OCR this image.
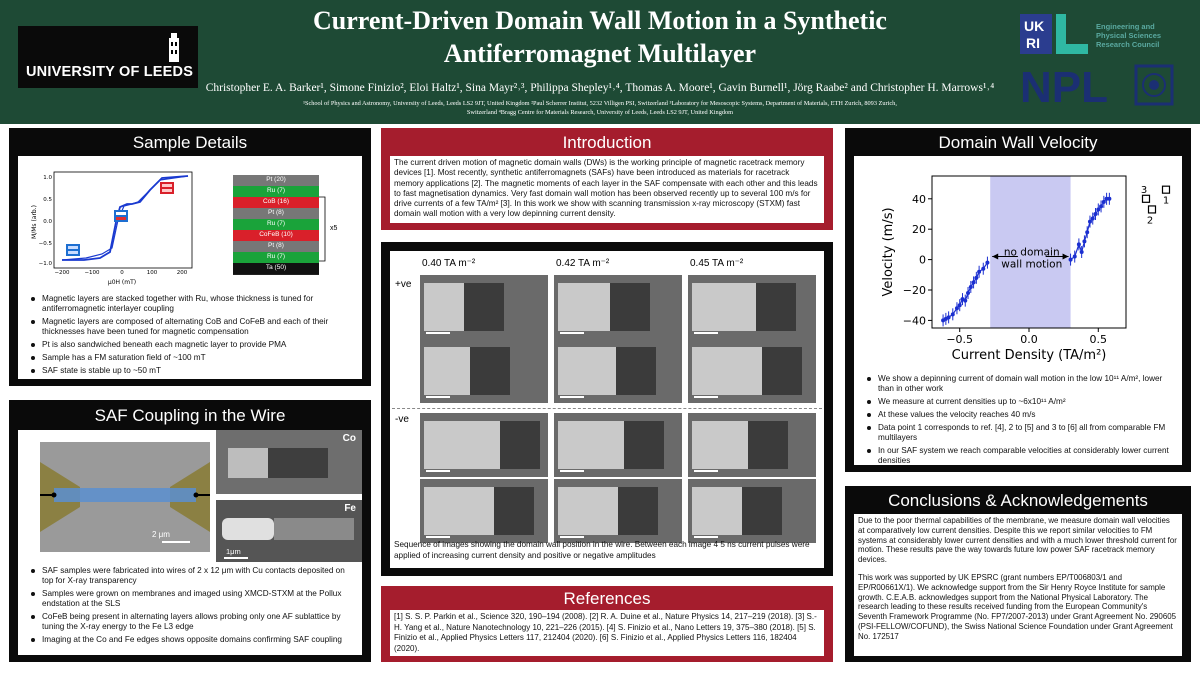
UNIVERSITY OF LEEDS
Current-Driven Domain Wall Motion in a Synthetic
Antiferromagnet Multilayer
Christopher E. A. Barker¹, Simone Finizio², Eloi Haltz¹, Sina Mayr²˒³, Philippa Shepley¹˒⁴, Thomas A. Moore¹, Gavin Burnell¹, Jörg Raabe² and Christopher H. Marrows¹˒⁴
¹School of Physics and Astronomy, University of Leeds, Leeds LS2 9JT, United Kingdom ²Paul Scherrer Institut, 5232 Villigen PSI, Switzerland ³Laboratory for Mesoscopic Systems, Department of Materials, ETH Zurich, 8093 Zurich,
Switzerland ⁴Bragg Centre for Materials Research, University of Leeds, Leeds LS2 9JT, United Kingdom
UK
RI
Engineering and
Physical Sciences
Research Council
NPL
Sample Details
M/Ms (arb.)
μ0H (mT)
−200	−100	0	100	200
1.0
0.5
0.0
−0.5
−1.0
Pt (20)
Ru (7)
CoB (16)
Pt (8)
Ru (7)
CoFeB (10)
Pt (8)
Ru (7)
Ta (50)
x5
Magnetic layers are stacked together with Ru, whose thickness is tuned for antiferromagnetic interlayer coupling
Magnetic layers are composed of alternating CoB and CoFeB and each of their thicknesses have been tuned for magnetic compensation
Pt is also sandwiched beneath each magnetic layer to provide PMA
Sample has a FM saturation field of ~100 mT
SAF state is stable up to ~50 mT
SAF Coupling in the Wire
2 μm
Co
Fe
1μm
SAF samples were fabricated into wires of 2 x 12 μm with Cu contacts deposited on top for X-ray transparency
Samples were grown on membranes and imaged using XMCD-STXM at the Pollux endstation at the SLS
CoFeB being present in alternating layers allows probing only one AF sublattice by tuning the X-ray energy to the Fe L3 edge
Imaging at the Co and Fe edges shows opposite domains confirming SAF coupling
Introduction

The current driven motion of magnetic domain walls (DWs) is the working principle of magnetic racetrack memory devices [1]. Most recently, synthetic antiferromagnets (SAFs) have been introduced as materials for racetrack memory applications [2]. The magnetic moments of each layer in the SAF compensate with each other and this leads to fast magnetisation dynamics. Very fast domain wall motion has been observed recently up to several 100 m/s for drive currents of a few TA/m² [3]. In this work we show with scanning transmission x-ray microscopy (STXM) fast domain wall motion with a very low depinning current density.

0.40 TA m⁻²	0.42 TA m⁻²	0.45 TA m⁻²
+ve
-ve
Sequence of images showing the domain wall position in the wire. Between each image 4 5 ns current pulses were applied of increasing current density and positive or negative amplitudes
References

[1] S. S. P. Parkin et al., Science 320, 190–194 (2008). [2] R. A. Duine et al., Nature Physics 14, 217–219 (2018). [3] S.-H. Yang et al., Nature Nanotechnology 10, 221–226 (2015). [4] S. Finizio et al., Nano Letters 19, 375–380 (2018). [5] S. Finizio et al., Applied Physics Letters 117, 212404 (2020). [6] S. Finizio et al., Applied Physics Letters 116, 182404 (2020).

Domain Wall Velocity
−0.5	0.0	0.5
−40
−20
0
20
40
Current Density (TA/m²)
Velocity (m/s)	no domain
wall motion
1
2
3
We show a depinning current of domain wall motion in the low 10¹¹ A/m², lower than in other work
We measure at current densities up to ~6x10¹¹ A/m²
At these values the velocity reaches 40 m/s
Data point 1 corresponds to ref. [4], 2 to [5] and 3 to [6] all from comparable FM multilayers
In our SAF system we reach comparable velocities at considerably lower current densities
Conclusions & Acknowledgements

Due to the poor thermal capabilities of the membrane, we measure domain wall velocities at comparatively low current densities. Despite this we report similar velocities to FM systems at considerably lower current densities and with a much lower threshold current for motion. These results pave the way towards future low power SAF racetrack memory devices.

This work was supported by UK EPSRC (grant numbers EP/T006803/1 and EP/R00661X/1). We acknowledge support from the Sir Henry Royce Institute for sample growth. C.E.A.B. acknowledges support from the National Physical Laboratory. The research leading to these results received funding from the European Community's Seventh Framework Programme (No. FP7/2007-2013) under Grant Agreement No. 290605 (PSI-FELLOW/COFUND), the Swiss National Science Foundation under Grant Agreement No. 172517
